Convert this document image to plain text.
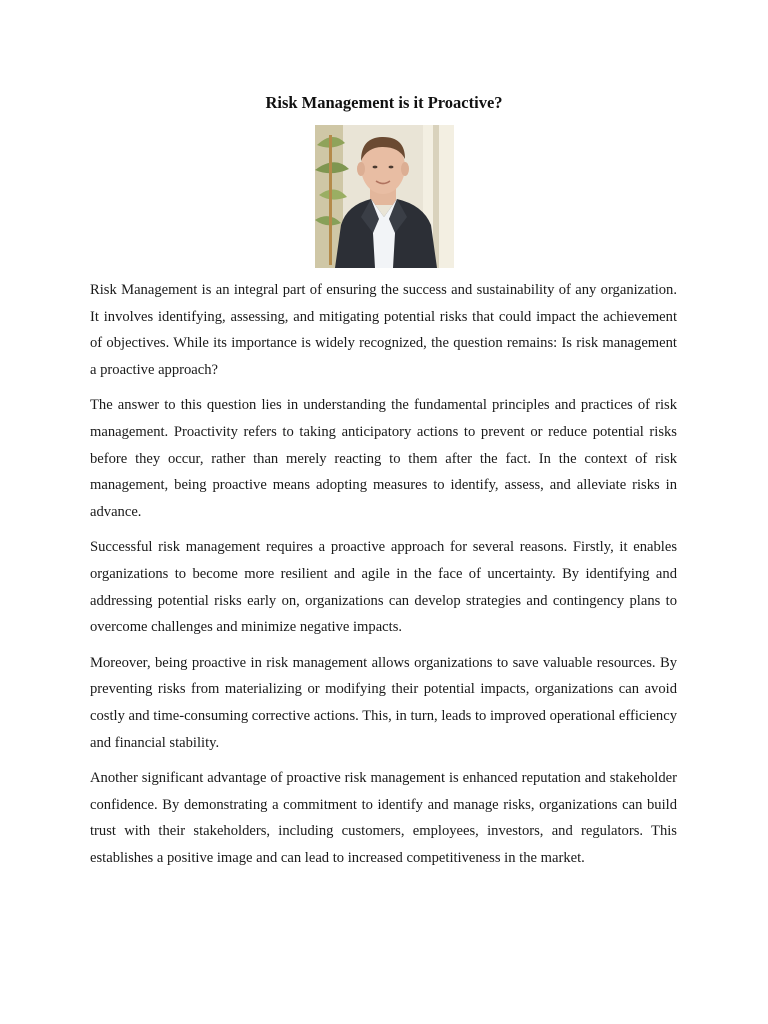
Risk Management is it Proactive?

Risk Management is an integral part of ensuring the success and sustainability of any organization. It involves identifying, assessing, and mitigating potential risks that could impact the achievement of objectives. While its importance is widely recognized, the question remains: Is risk management a proactive approach?

The answer to this question lies in understanding the fundamental principles and practices of risk management. Proactivity refers to taking anticipatory actions to prevent or reduce potential risks before they occur, rather than merely reacting to them after the fact. In the context of risk management, being proactive means adopting measures to identify, assess, and alleviate risks in advance.

Successful risk management requires a proactive approach for several reasons. Firstly, it enables organizations to become more resilient and agile in the face of uncertainty. By identifying and addressing potential risks early on, organizations can develop strategies and contingency plans to overcome challenges and minimize negative impacts.

Moreover, being proactive in risk management allows organizations to save valuable resources. By preventing risks from materializing or modifying their potential impacts, organizations can avoid costly and time-consuming corrective actions. This, in turn, leads to improved operational efficiency and financial stability.

Another significant advantage of proactive risk management is enhanced reputation and stakeholder confidence. By demonstrating a commitment to identify and manage risks, organizations can build trust with their stakeholders, including customers, employees, investors, and regulators. This establishes a positive image and can lead to increased competitiveness in the market.
